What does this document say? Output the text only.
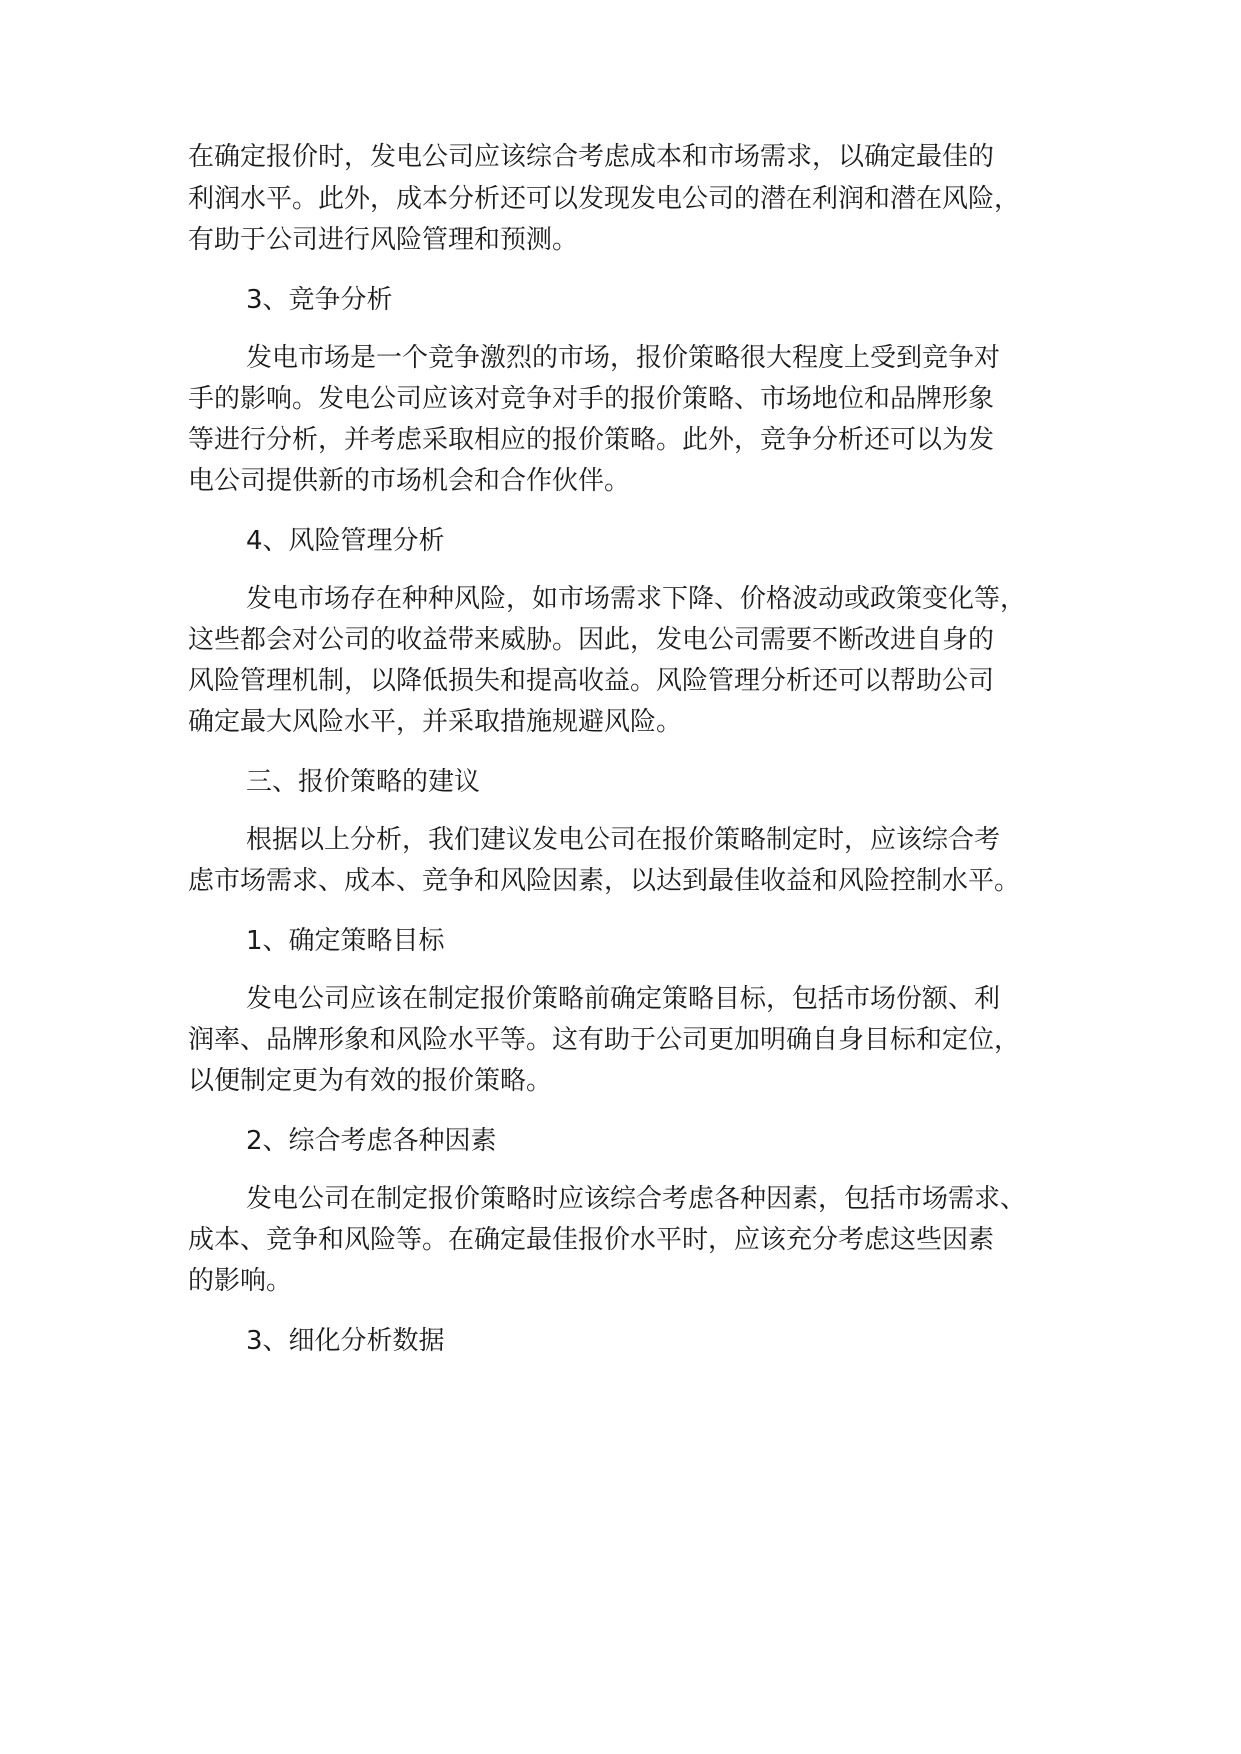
在确定报价时，发电公司应该综合考虑成本和市场需求，以确定最佳的
利润水平。此外，成本分析还可以发现发电公司的潜在利润和潜在风险，
有助于公司进行风险管理和预测。
3、竞争分析
发电市场是一个竞争激烈的市场，报价策略很大程度上受到竞争对
手的影响。发电公司应该对竞争对手的报价策略、市场地位和品牌形象
等进行分析，并考虑采取相应的报价策略。此外，竞争分析还可以为发
电公司提供新的市场机会和合作伙伴。
4、风险管理分析
发电市场存在种种风险，如市场需求下降、价格波动或政策变化等，
这些都会对公司的收益带来威胁。因此，发电公司需要不断改进自身的
风险管理机制，以降低损失和提高收益。风险管理分析还可以帮助公司
确定最大风险水平，并采取措施规避风险。
三、报价策略的建议
根据以上分析，我们建议发电公司在报价策略制定时，应该综合考
虑市场需求、成本、竞争和风险因素，以达到最佳收益和风险控制水平。
1、确定策略目标
发电公司应该在制定报价策略前确定策略目标，包括市场份额、利
润率、品牌形象和风险水平等。这有助于公司更加明确自身目标和定位，
以便制定更为有效的报价策略。
2、综合考虑各种因素
发电公司在制定报价策略时应该综合考虑各种因素，包括市场需求、
成本、竞争和风险等。在确定最佳报价水平时，应该充分考虑这些因素
的影响。
3、细化分析数据
